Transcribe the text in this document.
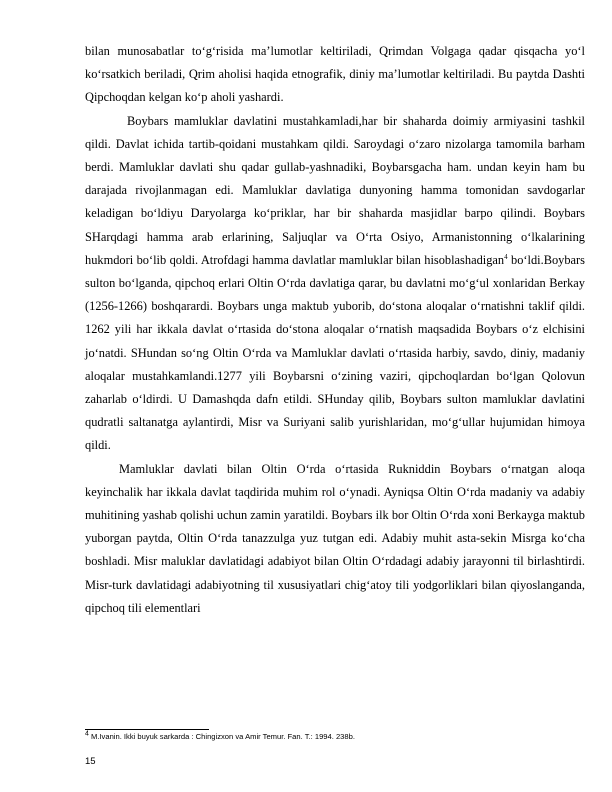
bilan munosabatlar to‘g‘risida ma’lumotlar keltiriladi, Qrimdan Volgaga qadar qisqacha yo‘l ko‘rsatkich beriladi, Qrim aholisi haqida etnografik, diniy ma’lumotlar keltiriladi. Bu paytda Dashti Qipchoqdan kelgan ko‘p aholi yashardi.

Boybars mamluklar davlatini mustahkamladi,har bir shaharda doimiy armiyasini tashkil qildi. Davlat ichida tartib-qoidani mustahkam qildi. Saroydagi o‘zaro nizolarga tamomila barham berdi. Mamluklar davlati shu qadar gullab-yashnadiki, Boybarsgacha ham. undan keyin ham bu darajada rivojlanmagan edi. Mamluklar davlatiga dunyoning hamma tomonidan savdogarlar keladigan bo‘ldiyu Daryolarga ko‘priklar, har bir shaharda masjidlar barpo qilindi. Boybars SHarqdagi hamma arab erlarining, Saljuqlar va O‘rta Osiyo, Armanistonning o‘lkalarining hukmdori bo‘lib qoldi. Atrofdagi hamma davlatlar mamluklar bilan hisoblashadigan$^4$ bo‘ldi.Boybars sulton bo‘lganda, qipchoq erlari Oltin O‘rda davlatiga qarar, bu davlatni mo‘g‘ul xonlaridan Berkay (1256-1266) boshqarardi. Boybars unga maktub yuborib, do‘stona aloqalar o‘rnatishni taklif qildi. 1262 yili har ikkala davlat o‘rtasida do‘stona aloqalar o‘rnatish maqsadida Boybars o‘z elchisini jo‘natdi. SHundan so‘ng Oltin O‘rda va Mamluklar davlati o‘rtasida harbiy, savdo, diniy, madaniy aloqalar mustahkamlandi.1277 yili Boybarsni o‘zining vaziri, qipchoqlardan bo‘lgan Qolovun zaharlab o‘ldirdi. U Damashqda dafn etildi. SHunday qilib, Boybars sulton mamluklar davlatini qudratli saltanatga aylantirdi, Misr va Suriyani salib yurishlaridan, mo‘g‘ullar hujumidan himoya qildi.

Mamluklar davlati bilan Oltin O‘rda o‘rtasida Rukniddin Boybars o‘rnatgan aloqa keyinchalik har ikkala davlat taqdirida muhim rol o‘ynadi. Ayniqsa Oltin O‘rda madaniy va adabiy muhitining yashab qolishi uchun zamin yaratildi. Boybars ilk bor Oltin O‘rda xoni Berkayga maktub yuborgan paytda, Oltin O‘rda tanazzulga yuz tutgan edi. Adabiy muhit asta-sekin Misrga ko‘cha boshladi. Misr maluklar davlatidagi adabiyot bilan Oltin O‘rdadagi adabiy jarayonni til birlashtirdi. Misr-turk davlatidagi adabiyotning til xususiyatlari chig‘atoy tili yodgorliklari bilan qiyoslanganda, qipchoq tili elementlari

$^4$ M.Ivanin. Ikki buyuk sarkarda : Chingizxon va Amir Temur. Fan. T.: 1994. 238b.
15
